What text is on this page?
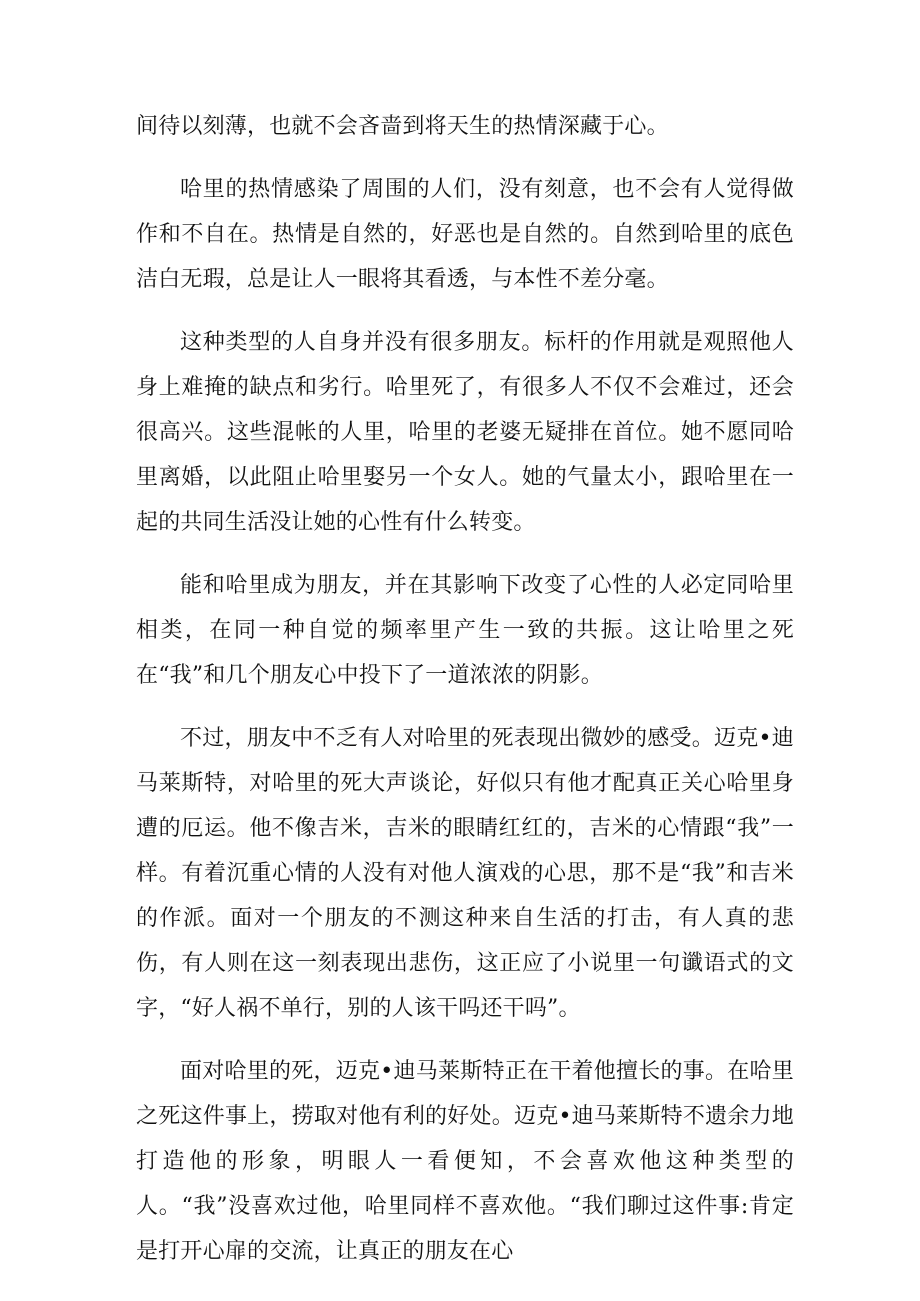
间待以刻薄，也就不会吝啬到将天生的热情深藏于心。

哈里的热情感染了周围的人们，没有刻意，也不会有人觉得做作和不自在。热情是自然的，好恶也是自然的。自然到哈里的底色洁白无瑕，总是让人一眼将其看透，与本性不差分毫。

这种类型的人自身并没有很多朋友。标杆的作用就是观照他人身上难掩的缺点和劣行。哈里死了，有很多人不仅不会难过，还会很高兴。这些混帐的人里，哈里的老婆无疑排在首位。她不愿同哈里离婚，以此阻止哈里娶另一个女人。她的气量太小，跟哈里在一起的共同生活没让她的心性有什么转变。

能和哈里成为朋友，并在其影响下改变了心性的人必定同哈里相类，在同一种自觉的频率里产生一致的共振。这让哈里之死在“我”和几个朋友心中投下了一道浓浓的阴影。

不过，朋友中不乏有人对哈里的死表现出微妙的感受。迈克•迪马莱斯特，对哈里的死大声谈论，好似只有他才配真正关心哈里身遭的厄运。他不像吉米，吉米的眼睛红红的，吉米的心情跟“我”一样。有着沉重心情的人没有对他人演戏的心思，那不是“我”和吉米的作派。面对一个朋友的不测这种来自生活的打击，有人真的悲伤，有人则在这一刻表现出悲伤，这正应了小说里一句谶语式的文字，“好人祸不单行，别的人该干吗还干吗”。

面对哈里的死，迈克•迪马莱斯特正在干着他擅长的事。在哈里之死这件事上，捞取对他有利的好处。迈克•迪马莱斯特不遗余力地打造他的形象，明眼人一看便知，不会喜欢他这种类型的人。“我”没喜欢过他，哈里同样不喜欢他。“我们聊过这件事:肯定是打开心扉的交流，让真正的朋友在心
